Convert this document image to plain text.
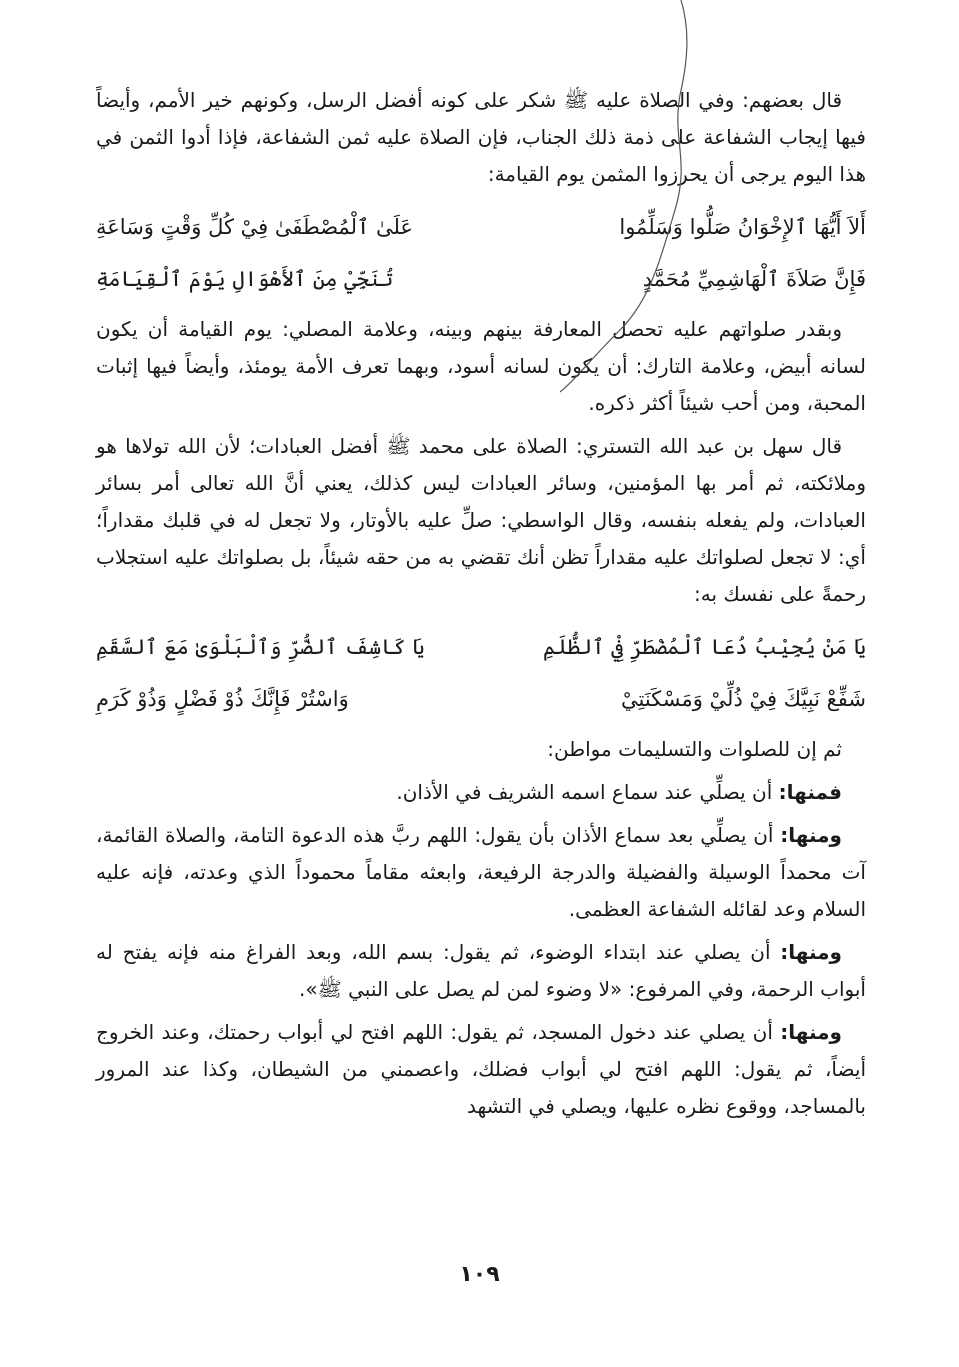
قال بعضهم: وفي الصلاة عليه ﷺ شكر على كونه أفضل الرسل، وكونهم خير الأمم، وأيضاً فيها إيجاب الشفاعة على ذمة ذلك الجناب، فإن الصلاة عليه ثمن الشفاعة، فإذا أدوا الثمن في هذا اليوم يرجى أن يحرزوا المثمن يوم القيامة:

أَلاَ أَيُّهَا ٱلإِخْوَانُ صَلُّوا وَسَلِّمُوا
عَلَىٰ ٱلْمُصْطَفَىٰ فِيْ كُلِّ وَقْتٍ وَسَاعَةِ
فَإِنَّ صَلاَةَ ٱلْهَاشِمِيِّ مُحَمَّدٍ
تُنَجِّيْ مِنَ ٱلأَهْوَالِ يَوْمَ ٱلْقِيَامَةِ

وبقدر صلواتهم عليه تحصل المعارفة بينهم وبينه، وعلامة المصلي: يوم القيامة أن يكون لسانه أبيض، وعلامة التارك: أن يكون لسانه أسود، وبهما تعرف الأمة يومئذ، وأيضاً فيها إثبات المحبة، ومن أحب شيئاً أكثر ذكره.

قال سهل بن عبد الله التستري: الصلاة على محمد ﷺ أفضل العبادات؛ لأن الله تولاها هو وملائكته، ثم أمر بها المؤمنين، وسائر العبادات ليس كذلك، يعني أنَّ الله تعالى أمر بسائر العبادات، ولم يفعله بنفسه، وقال الواسطي: صلِّ عليه بالأوتار، ولا تجعل له في قلبك مقداراً؛ أي: لا تجعل لصلواتك عليه مقداراً تظن أنك تقضي به من حقه شيئاً، بل بصلواتك عليه استجلاب رحمةً على نفسك به:

يَا مَنْ يُجِيْبُ دُعَا ٱلْمُضْطَرِّ فِيْ ٱلظُّلَمِ
يَا كَاشِفَ ٱلضُّرِّ وَٱلْبَلْوَىٰ مَعَ ٱلسَّقَمِ
شَفِّعْ نَبِيَّكَ فِيْ ذُلِّيْ وَمَسْكَنَتِيْ
وَاسْتُرْ فَإِنَّكَ ذُوْ فَضْلٍ وَذُوْ كَرَمِ

ثم إن للصلوات والتسليمات مواطن:

فمنها: أن يصلِّي عند سماع اسمه الشريف في الأذان.

ومنها: أن يصلِّي بعد سماع الأذان بأن يقول: اللهم ربَّ هذه الدعوة التامة، والصلاة القائمة، آت محمداً الوسيلة والفضيلة والدرجة الرفيعة، وابعثه مقاماً محموداً الذي وعدته، فإنه عليه السلام وعد لقائله الشفاعة العظمى.

ومنها: أن يصلي عند ابتداء الوضوء، ثم يقول: بسم الله، وبعد الفراغ منه فإنه يفتح له أبواب الرحمة، وفي المرفوع: «لا وضوء لمن لم يصل على النبي ﷺ».

ومنها: أن يصلي عند دخول المسجد، ثم يقول: اللهم افتح لي أبواب رحمتك، وعند الخروج أيضاً، ثم يقول: اللهم افتح لي أبواب فضلك، واعصمني من الشيطان، وكذا عند المرور بالمساجد، ووقوع نظره عليها، ويصلي في التشهد

١٠٩
